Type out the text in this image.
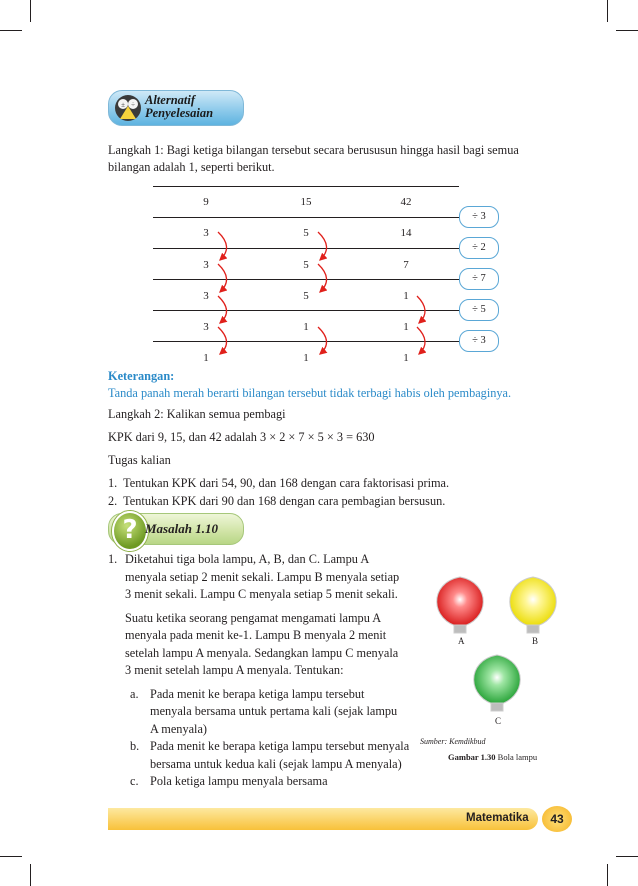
± ÷ Alternatif
Penyelesaian
Langkah 1: Bagi ketiga bilangan tersebut secara berususun hingga hasil bagi semua bilangan adalah 1, seperti berikut.
9	15	42
3	5	14
3	5	7
3	5	1
3	1	1
1	1	1
÷ 3
÷ 2
÷ 7
÷ 5
÷ 3
Keterangan:
Tanda panah merah berarti bilangan tersebut tidak terbagi habis oleh pembaginya.
Langkah 2: Kalikan semua pembagi
KPK dari 9, 15, dan 42 adalah 3 × 2 × 7 × 5 × 3 = 630
Tugas kalian
1.  Tentukan KPK dari 54, 90, dan 168 dengan cara faktorisasi prima.
2.  Tentukan KPK dari 90 dan 168 dengan cara pembagian bersusun.
? Masalah 1.10
1. Diketahui tiga bola lampu, A, B, dan C. Lampu A
menyala setiap 2 menit sekali. Lampu B menyala setiap
3 menit sekali. Lampu C menyala setiap 5 menit sekali.
Suatu ketika seorang pengamat mengamati lampu A
menyala pada menit ke-1. Lampu B menyala 2 menit
setelah lampu A menyala. Sedangkan lampu C menyala
3 menit setelah lampu A menyala. Tentukan:
a. Pada menit ke berapa ketiga lampu tersebut
menyala bersama untuk pertama kali (sejak lampu
A menyala)
b. Pada menit ke berapa ketiga lampu tersebut menyala
bersama untuk kedua kali (sejak lampu A menyala)
c. Pola ketiga lampu menyala bersama
A	B
C
Sumber: Kemdikbud
Gambar 1.30 Bola lampu
Matematika	43
